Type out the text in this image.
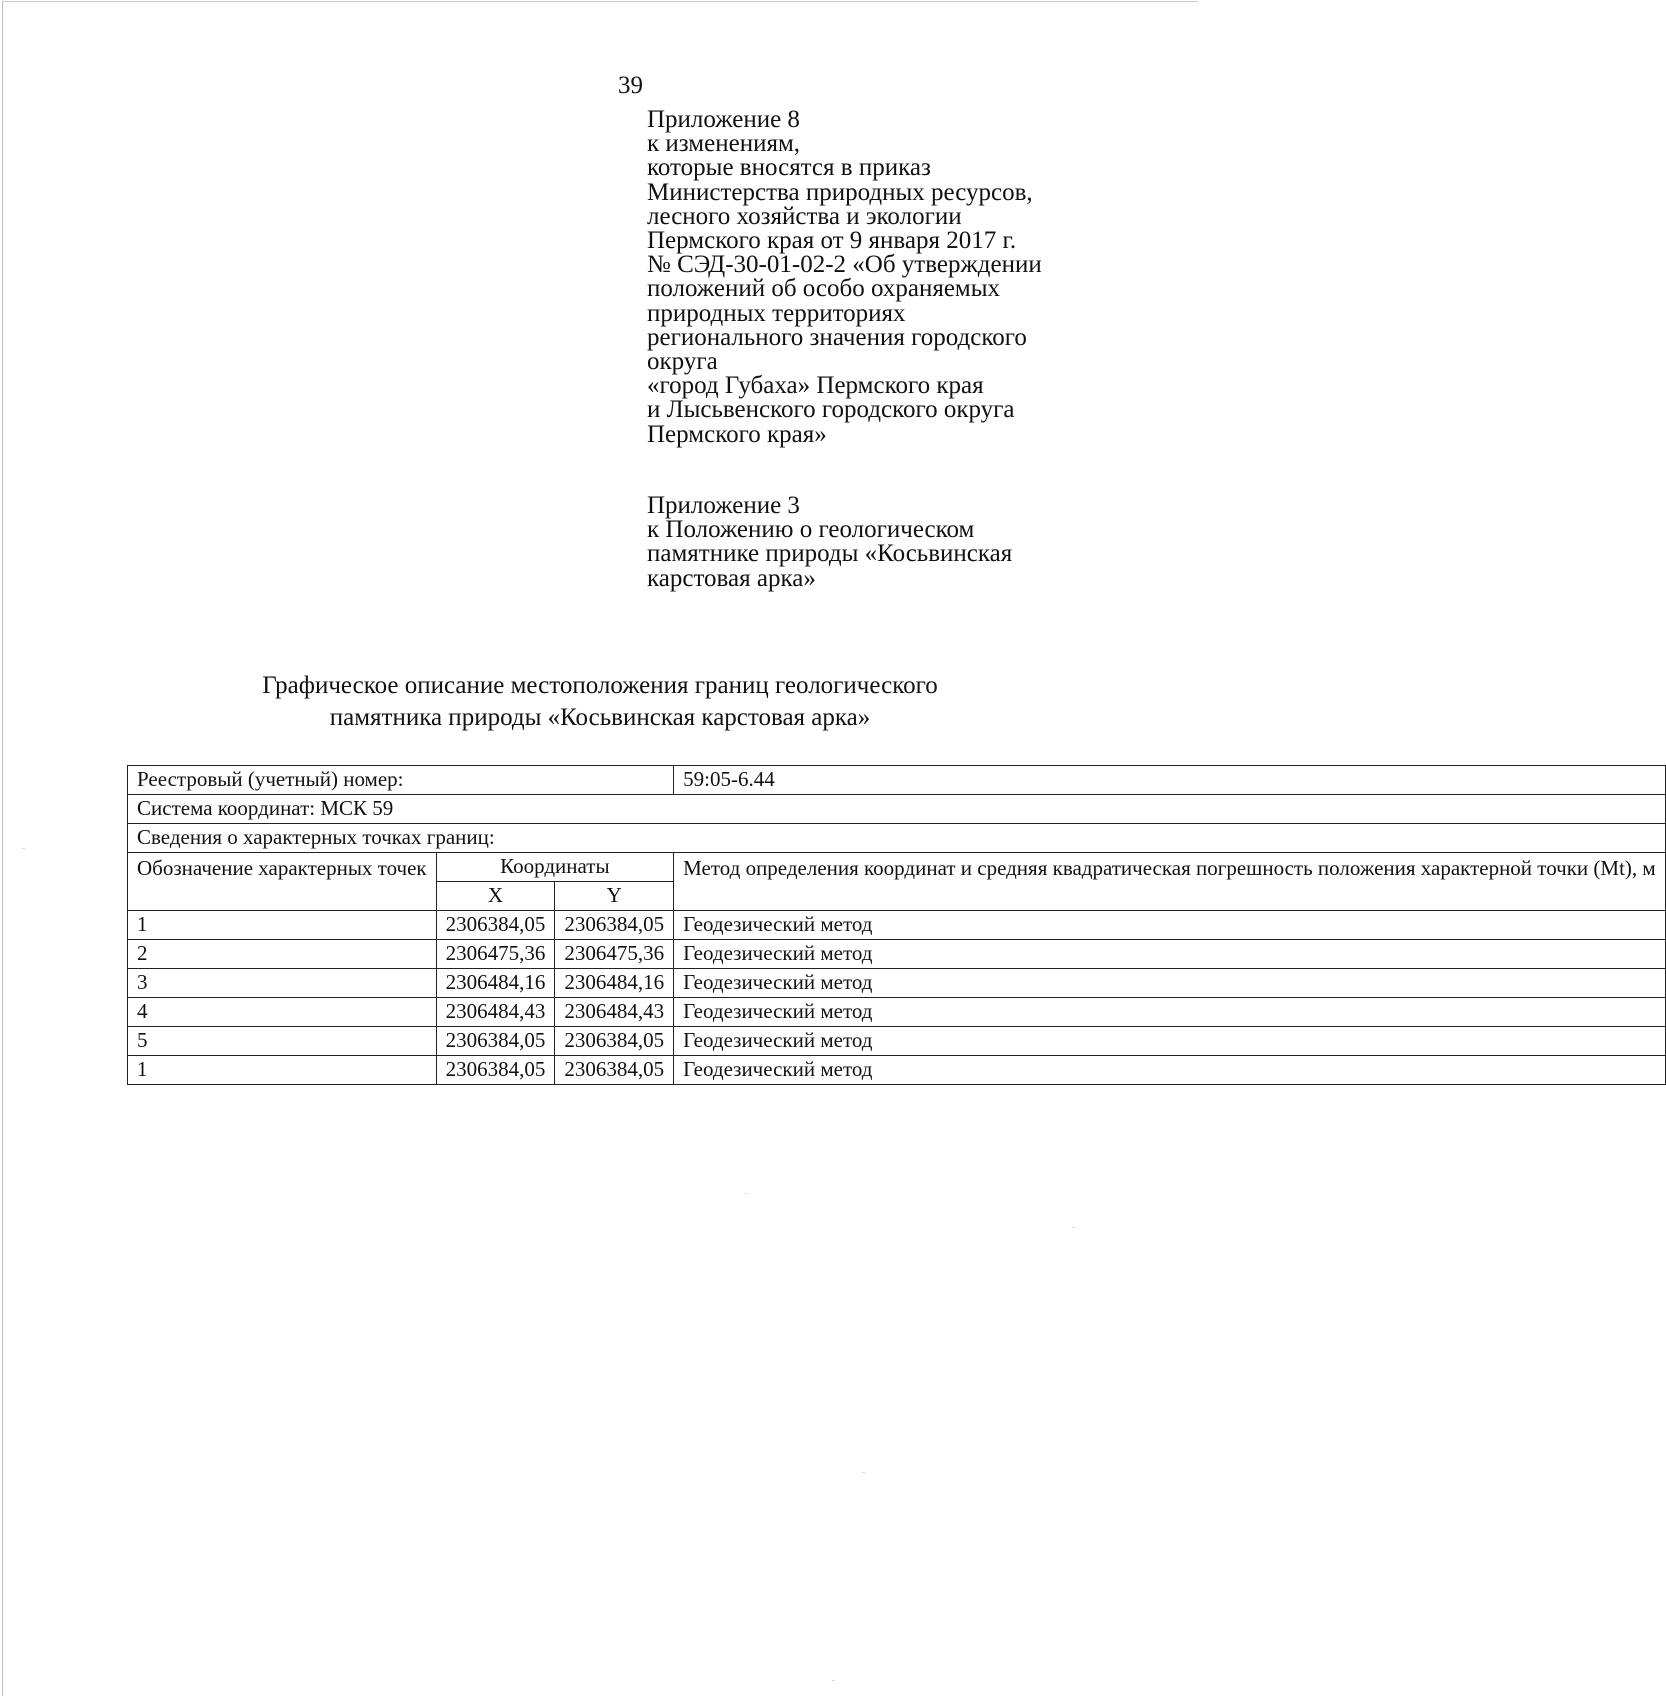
39
Приложение 8
к изменениям,
которые вносятся в приказ
Министерства природных ресурсов,
лесного хозяйства и экологии
Пермского края от 9 января 2017 г.
№ СЭД-30-01-02-2 «Об утверждении
положений об особо охраняемых
природных территориях
регионального значения городского
округа
«город Губаха» Пермского края
и Лысьвенского городского округа
Пермского края»
Приложение 3
к Положению о геологическом
памятнике природы «Косьвинская
карстовая арка»
Графическое описание местоположения границ геологического
памятника природы «Косьвинская карстовая арка»
Реестровый (учетный) номер:			59:05-6.44
Система координат: МСК 59			
Сведения о характерных точках границ:			
Обозначение характерных точек	Координаты		Метод определения координат и средняя квадратическая погрешность положения характерной точки (Mt), м
	X	Y	
1	2306384,05	2306384,05	Геодезический метод
2	2306475,36	2306475,36	Геодезический метод
3	2306484,16	2306484,16	Геодезический метод
4	2306484,43	2306484,43	Геодезический метод
5	2306384,05	2306384,05	Геодезический метод
1	2306384,05	2306384,05	Геодезический метод
